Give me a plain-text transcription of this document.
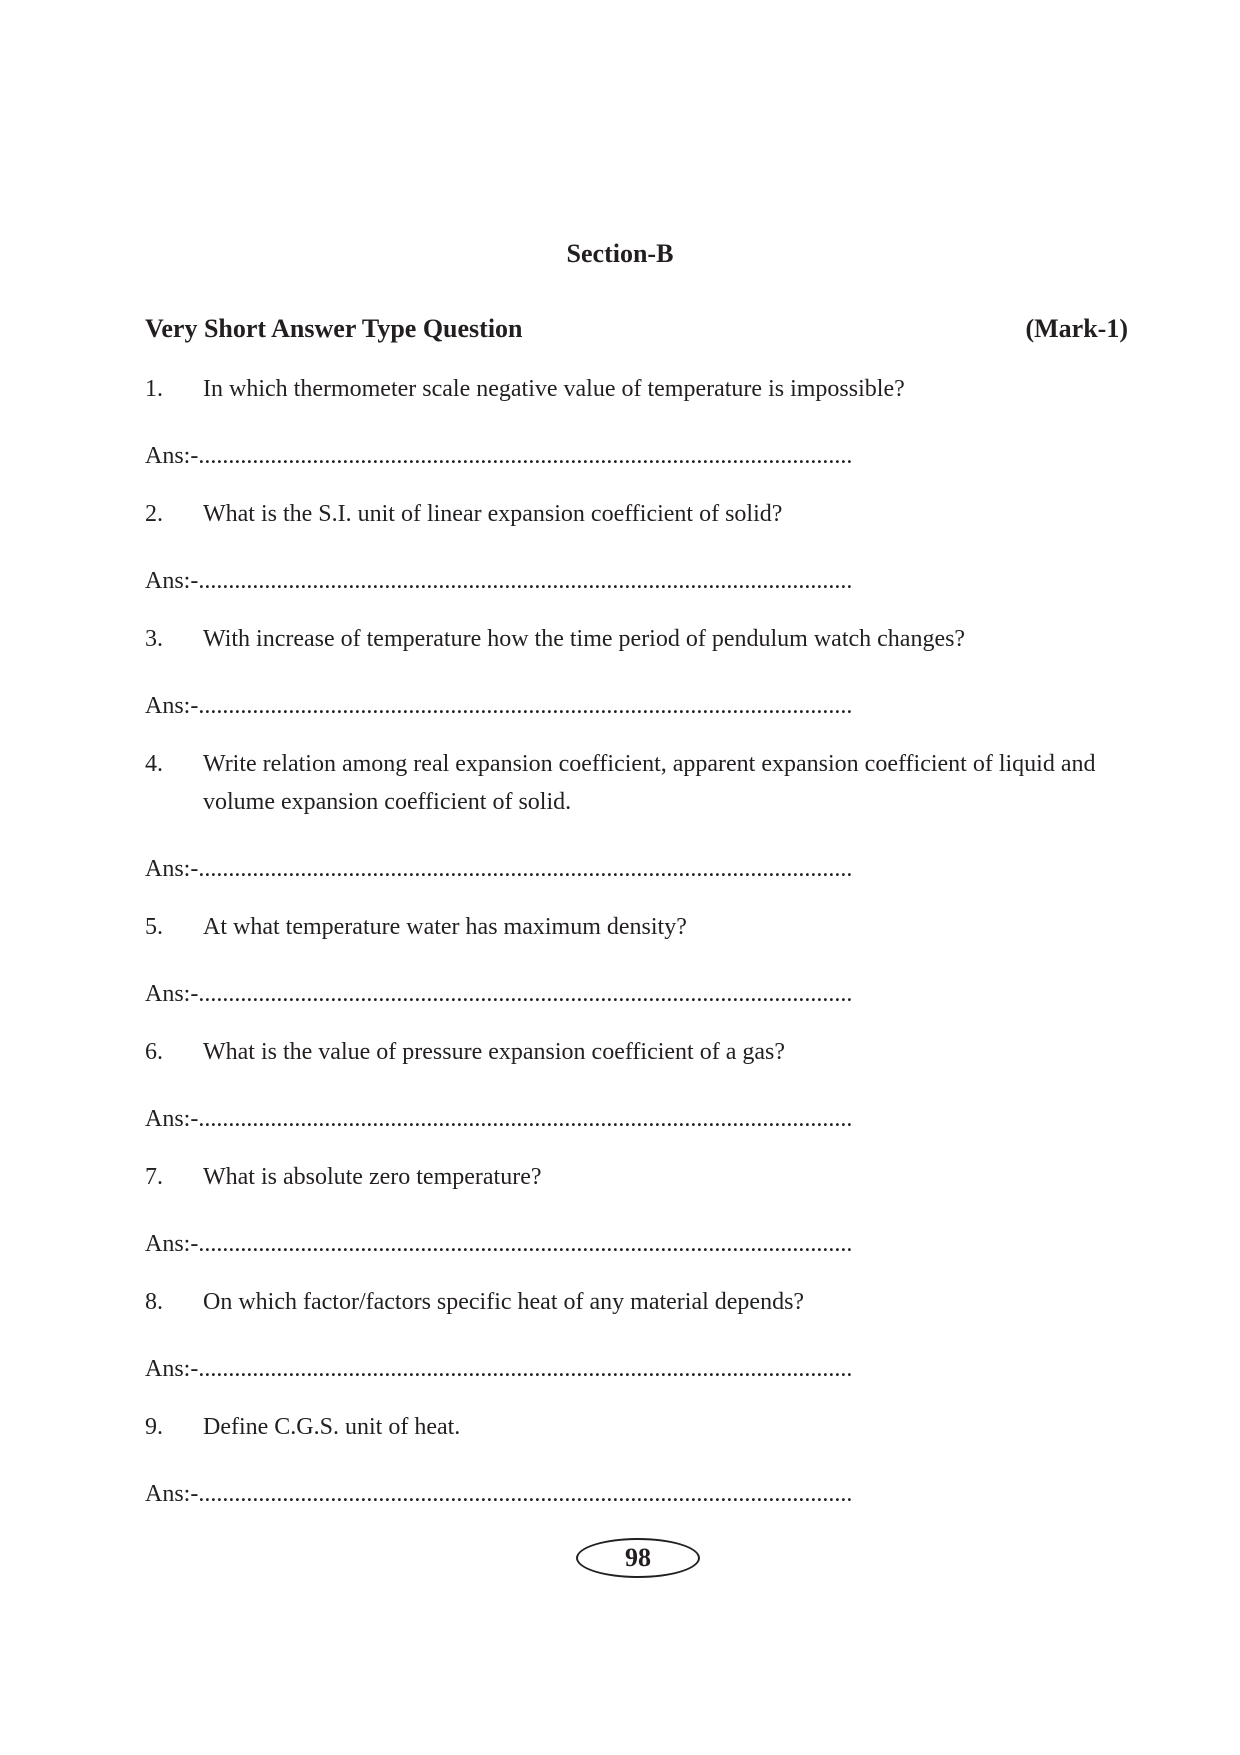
Section-B
Very Short Answer Type Question	(Mark-1)
1.	In which thermometer scale negative value of temperature is impossible?
Ans:-.............................................................................................................
2.	What is the S.I. unit of linear expansion coefficient of solid?
Ans:-.............................................................................................................
3.	With increase of temperature how the time period of pendulum watch changes?
Ans:-.............................................................................................................
4.	Write relation among real expansion coefficient, apparent expansion coefficient of liquid and volume expansion coefficient of solid.
Ans:-.............................................................................................................
5.	At what temperature water has maximum density?
Ans:-.............................................................................................................
6.	What is the value of pressure expansion coefficient of a gas?
Ans:-.............................................................................................................
7.	What is absolute zero temperature?
Ans:-.............................................................................................................
8.	On which factor/factors specific heat of any material depends?
Ans:-.............................................................................................................
9.	Define C.G.S. unit of heat.
Ans:-.............................................................................................................
98
